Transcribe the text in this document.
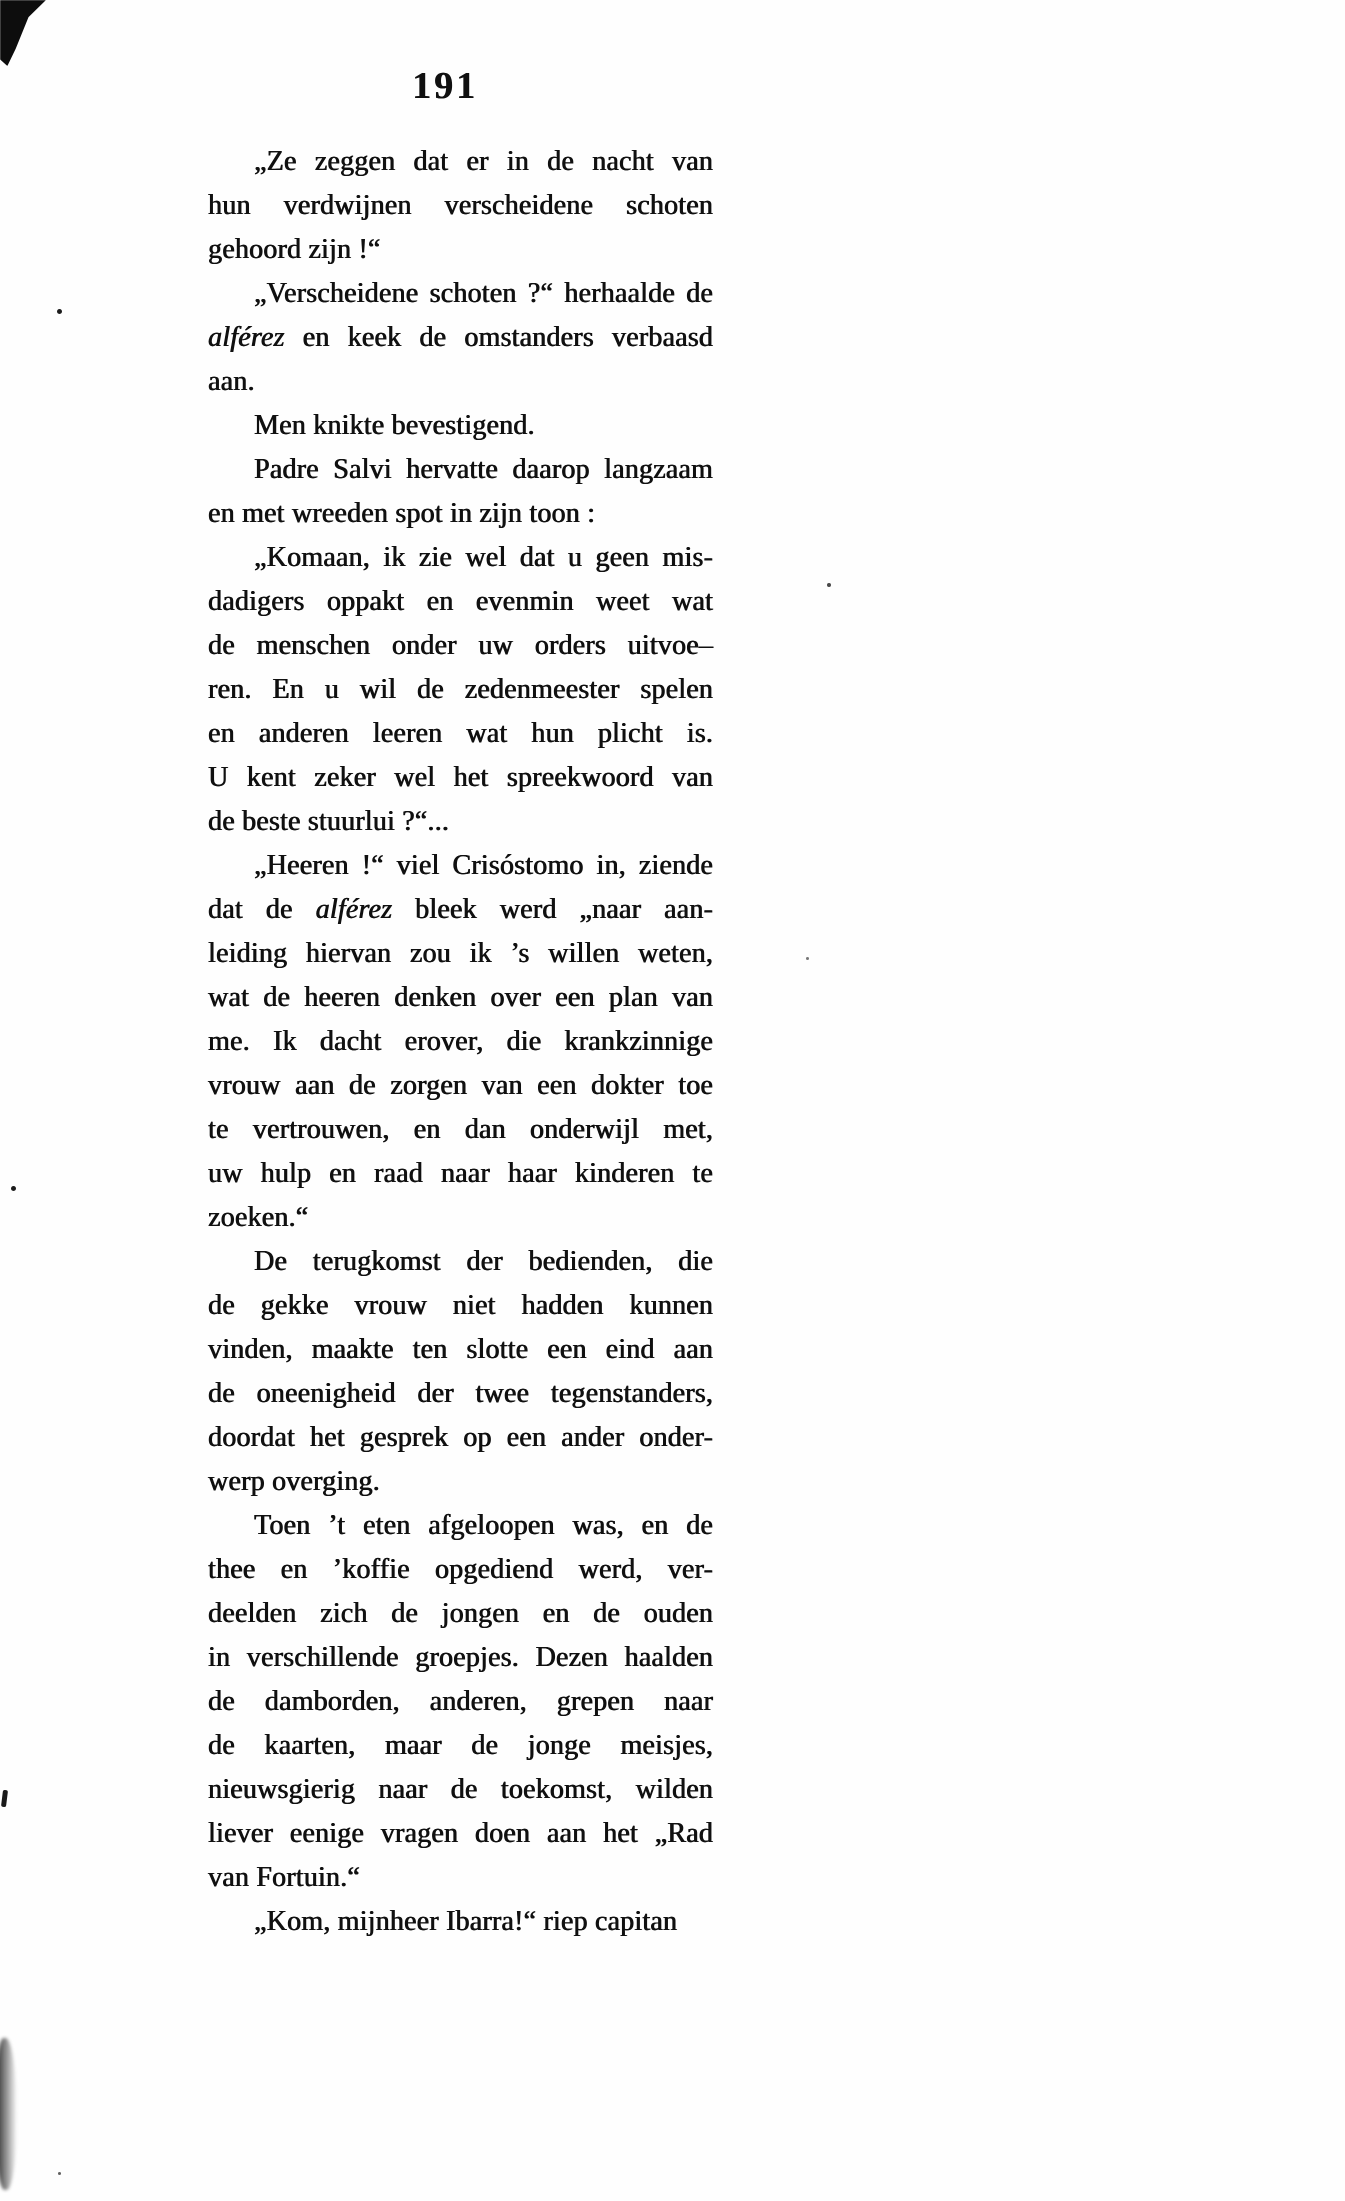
191
„Ze zeggen dat er in de nacht van
hun verdwijnen verscheidene schoten
gehoord zijn !“
„Verscheidene schoten ?“ herhaalde de
alférez en keek de omstanders verbaasd
aan.
Men knikte bevestigend.
Padre Salvi hervatte daarop langzaam
en met wreeden spot in zijn toon :
„Komaan, ik zie wel dat u geen mis-
dadigers oppakt en evenmin weet wat
de menschen onder uw orders uitvoe–
ren. En u wil de zedenmeester spelen
en anderen leeren wat hun plicht is.
U kent zeker wel het spreekwoord van
de beste stuurlui ?“...
„Heeren !“ viel Crisóstomo in, ziende
dat de alférez bleek werd „naar aan-
leiding hiervan zou ik ’s willen weten,
wat de heeren denken over een plan van
me. Ik dacht erover, die krankzinnige
vrouw aan de zorgen van een dokter toe
te vertrouwen, en dan onderwijl met,
uw hulp en raad naar haar kinderen te
zoeken.“
De terugkomst der bedienden, die
de gekke vrouw niet hadden kunnen
vinden, maakte ten slotte een eind aan
de oneenigheid der twee tegenstanders,
doordat het gesprek op een ander onder-
werp overging.
Toen ’t eten afgeloopen was, en de
thee en ’koffie opgediend werd, ver-
deelden zich de jongen en de ouden
in verschillende groepjes. Dezen haalden
de damborden, anderen, grepen naar
de kaarten, maar de jonge meisjes,
nieuwsgierig naar de toekomst, wilden
liever eenige vragen doen aan het „Rad
van Fortuin.“
„Kom, mijnheer Ibarra!“ riep capitan
